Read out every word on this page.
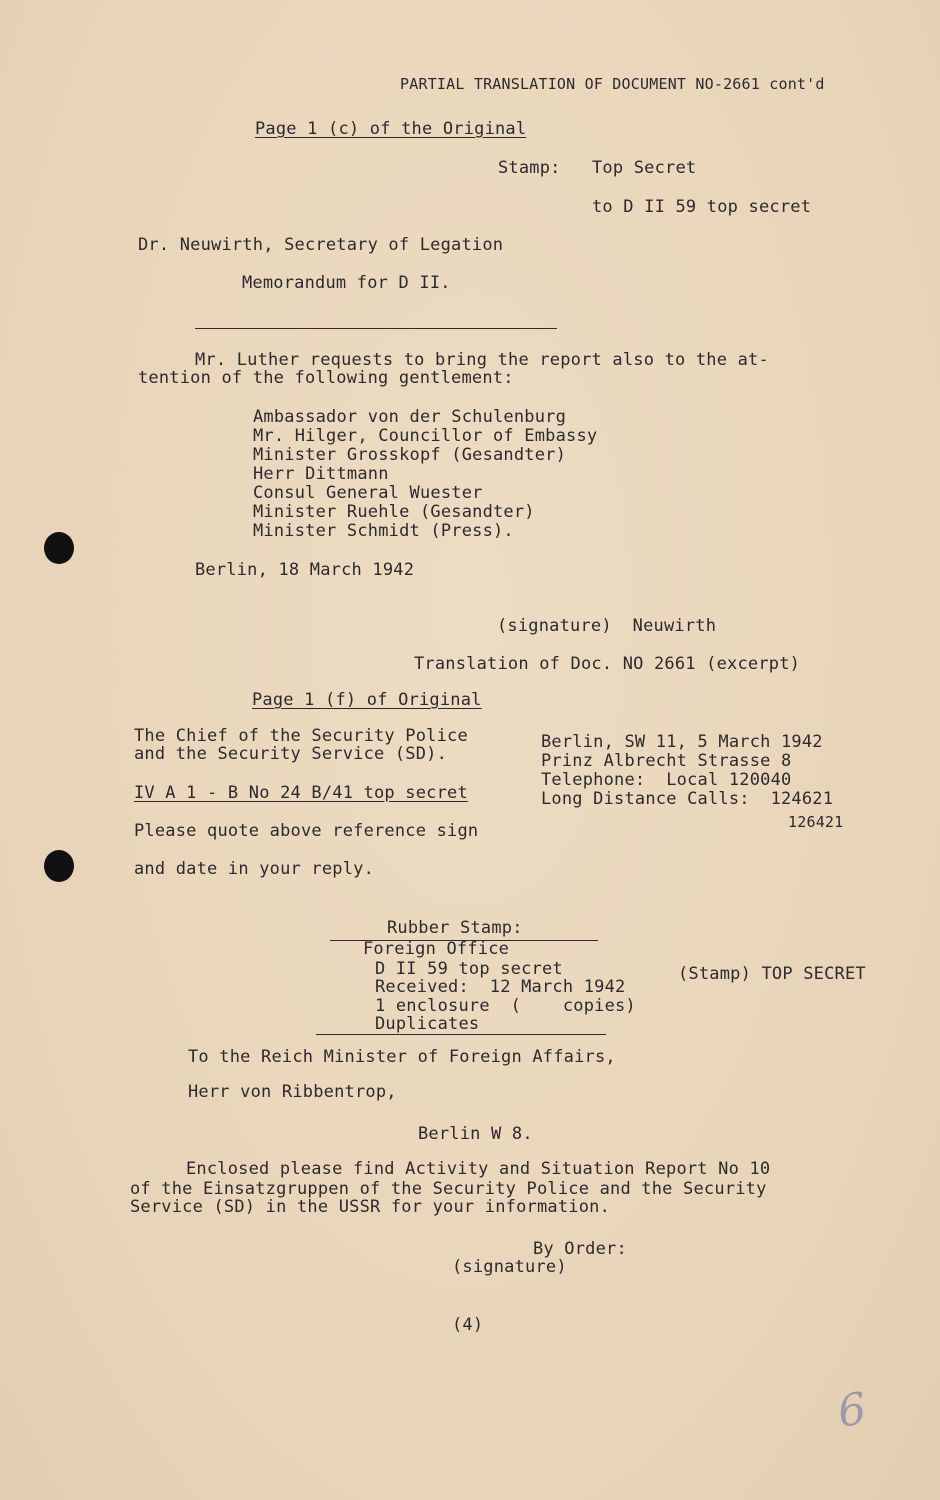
PARTIAL TRANSLATION OF DOCUMENT NO-2661 cont'd
Page 1 (c) of the Original
Stamp: Top Secret
to D II 59 top secret
Dr. Neuwirth, Secretary of Legation
Memorandum for D II.
Mr. Luther requests to bring the report also to the at-
tention of the following gentlement:
Ambassador von der Schulenburg
Mr. Hilger, Councillor of Embassy
Minister Grosskopf (Gesandter)
Herr Dittmann
Consul General Wuester
Minister Ruehle (Gesandter)
Minister Schmidt (Press).
Berlin, 18 March 1942
(signature)  Neuwirth
Translation of Doc. NO 2661 (excerpt)
Page 1 (f) of Original
The Chief of the Security Police
and the Security Service (SD).
IV A 1 - B No 24 B/41 top secret
Please quote above reference sign
and date in your reply.
Berlin, SW 11, 5 March 1942
Prinz Albrecht Strasse 8
Telephone:  Local 120040
Long Distance Calls:  124621
126421
Rubber Stamp:
Foreign Office
D II 59 top secret
Received:  12 March 1942
1 enclosure  (    copies)
Duplicates
(Stamp) TOP SECRET
To the Reich Minister of Foreign Affairs,
Herr von Ribbentrop,
Berlin W 8.
Enclosed please find Activity and Situation Report No 10
of the Einsatzgruppen of the Security Police and the Security
Service (SD) in the USSR for your information.
By Order:
(signature)
(4)
6
